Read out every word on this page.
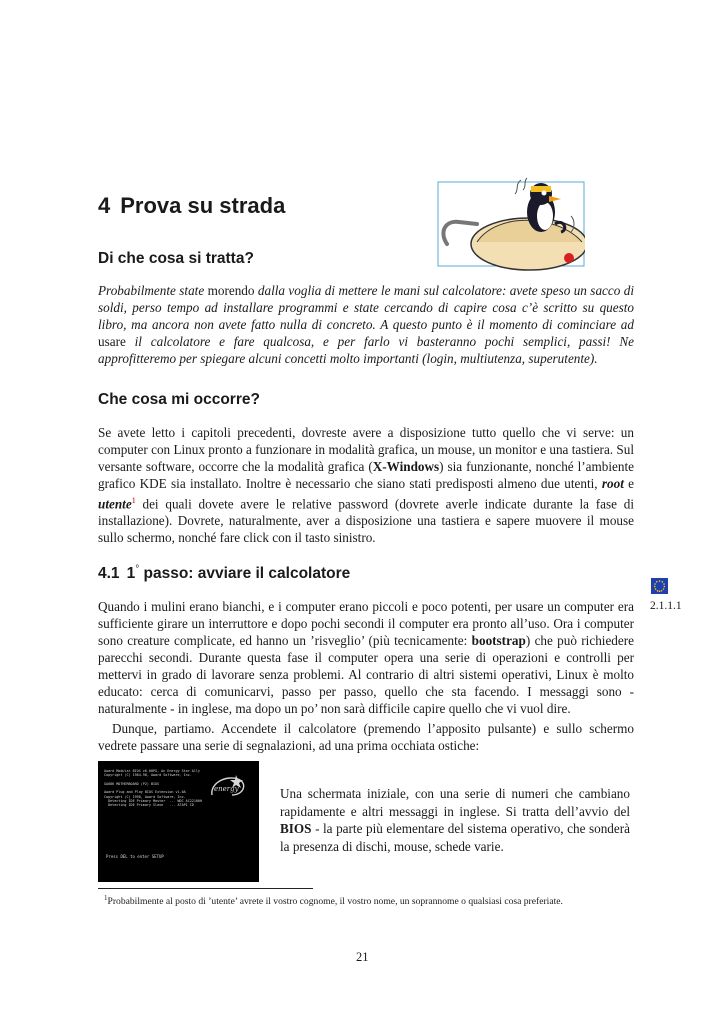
4 Prova su strada
Di che cosa si tratta?

Probabilmente state morendo dalla voglia di mettere le mani sul calcolatore: avete speso un sacco di soldi, perso tempo ad installare programmi e state cercando di capire cosa c’è scritto su questo libro, ma ancora non avete fatto nulla di concreto. A questo punto è il momento di cominciare ad usare il calcolatore e fare qualcosa, e per farlo vi basteranno pochi semplici, passi! Ne approfitteremo per spiegare alcuni concetti molto importanti (login, multiutenza, superutente).

Che cosa mi occorre?

Se avete letto i capitoli precedenti, dovreste avere a disposizione tutto quello che vi serve: un computer con Linux pronto a funzionare in modalità grafica, un mouse, un monitor e una tastiera. Sul versante software, occorre che la modalità grafica (X-Windows) sia funzionante, nonché l’ambiente grafico KDE sia installato. Inoltre è necessario che siano stati predisposti almeno due utenti, root e utente$^1$ dei quali dovete avere le relative password (dovrete averle indicate durante la fase di installazione). Dovrete, naturalmente, aver a disposizione una tastiera e sapere muovere il mouse sullo schermo, nonché fare click con il tasto sinistro.

4.1 1° passo: avviare il calcolatore
2.1.1.1

Quando i mulini erano bianchi, e i computer erano piccoli e poco potenti, per usare un computer era sufficiente girare un interruttore e dopo pochi secondi il computer era pronto all’uso. Ora i computer sono creature complicate, ed hanno un ’risveglio’ (più tecnicamente: bootstrap) che può richiedere parecchi secondi. Durante questa fase il computer opera una serie di operazioni e controlli per mettervi in grado di lavorare senza problemi. Al contrario di altri sistemi operativi, Linux è molto educato: cerca di comunicarvi, passo per passo, quello che sta facendo. I messaggi sono - naturalmente - in inglese, ma dopo un po’ non sarà difficile capire quello che vi vuol dire.

Dunque, partiamo. Accendete il calcolatore (premendo l’apposito pulsante) e sullo schermo vedrete passare una serie di segnalazioni, ad una prima occhiata ostiche:

Award Modular BIOS v6.00PG, An Energy Star Ally
Copyright (C) 1984-98, Award Software, Inc.

GA686 MOTHERBOARD (P2) BIOS

Award Plug and Play BIOS Extension v1.0A
Copyright (C) 1998, Award Software, Inc.
Detecting IDE Primary Master  ... WDC AC22100H
Detecting IDE Primary Slave   ... ATAPI CD
energy
Press DEL to enter SETUP

Una schermata iniziale, con una serie di numeri che cambiano rapidamente e altri messaggi in inglese. Si tratta dell’avvio del BIOS - la parte più elementare del sistema operativo, che sonderà la presenza di dischi, mouse, schede varie.

$^1$Probabilmente al posto di ’utente’ avrete il vostro cognome, il vostro nome, un soprannome o qualsiasi cosa preferiate.
21
